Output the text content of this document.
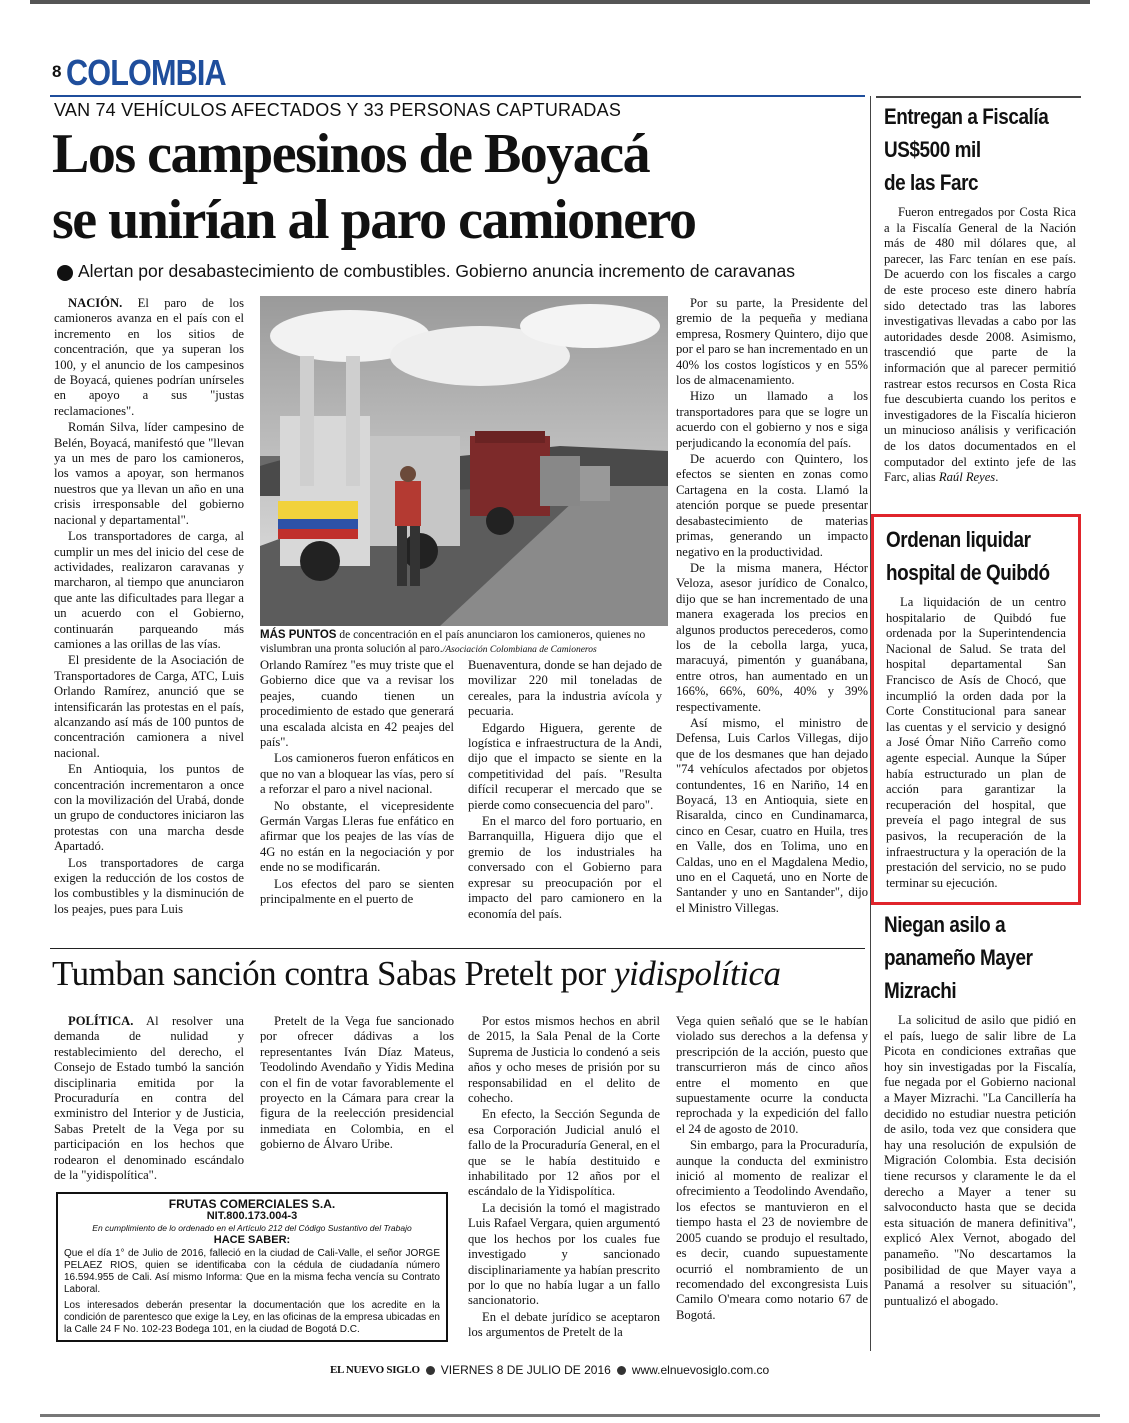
8 COLOMBIA
VAN 74 VEHÍCULOS AFECTADOS Y 33 PERSONAS CAPTURADAS
Los campesinos de Boyacá
se unirían al paro camionero
Alertan por desabastecimiento de combustibles. Gobierno anuncia incremento de caravanas

NACIÓN. El paro de los camioneros avanza en el país con el incremento en los sitios de concentración, que ya superan los 100, y el anuncio de los campesinos de Boyacá, quienes podrían unírseles en apoyo a sus "justas reclamaciones".

Román Silva, líder campesino de Belén, Boyacá, manifestó que "llevan ya un mes de paro los camioneros, los vamos a apoyar, son hermanos nuestros que ya llevan un año en una crisis irresponsable del gobierno nacional y departamental".

Los transportadores de carga, al cumplir un mes del inicio del cese de actividades, realizaron caravanas y marcharon, al tiempo que anunciaron que ante las dificultades para llegar a un acuerdo con el Gobierno, continuarán parqueando más camiones a las orillas de las vías.

El presidente de la Asociación de Transportadores de Carga, ATC, Luis Orlando Ramírez, anunció que se intensificarán las protestas en el país, alcanzando así más de 100 puntos de concentración camionera a nivel nacional.

En Antioquia, los puntos de concentración incrementaron a once con la movilización del Urabá, donde un grupo de conductores iniciaron las protestas con una marcha desde Apartadó.

Los transportadores de carga exigen la reducción de los costos de los combustibles y la disminución de los peajes, pues para Luis

MÁS PUNTOS de concentración en el país anunciaron los camioneros, quienes no vislumbran una pronta solución al paro./Asociación Colombiana de Camioneros

Orlando Ramírez "es muy triste que el Gobierno dice que va a revisar los peajes, cuando tienen un procedimiento de estado que generará una escalada alcista en 42 peajes del país".

Los camioneros fueron enfáticos en que no van a bloquear las vías, pero sí a reforzar el paro a nivel nacional.

No obstante, el vicepresidente Germán Vargas Lleras fue enfático en afirmar que los peajes de las vías de 4G no están en la negociación y por ende no se modificarán.

Los efectos del paro se sienten principalmente en el puerto de

Buenaventura, donde se han dejado de movilizar 220 mil toneladas de cereales, para la industria avícola y pecuaria.

Edgardo Higuera, gerente de logística e infraestructura de la Andi, dijo que el impacto se siente en la competitividad del país. "Resulta difícil recuperar el mercado que se pierde como consecuencia del paro".

En el marco del foro portuario, en Barranquilla, Higuera dijo que el gremio de los industriales ha conversado con el Gobierno para expresar su preocupación por el impacto del paro camionero en la economía del país.

Por su parte, la Presidente del gremio de la pequeña y mediana empresa, Rosmery Quintero, dijo que por el paro se han incrementado en un 40% los costos logísticos y en 55% los de almacenamiento.

Hizo un llamado a los transportadores para que se logre un acuerdo con el gobierno y nos e siga perjudicando la economía del país.

De acuerdo con Quintero, los efectos se sienten en zonas como Cartagena en la costa. Llamó la atención porque se puede presentar desabastecimiento de materias primas, generando un impacto negativo en la productividad.

De la misma manera, Héctor Veloza, asesor jurídico de Conalco, dijo que se han incrementado de una manera exagerada los precios en algunos productos perecederos, como los de la cebolla larga, yuca, maracuyá, pimentón y guanábana, entre otros, han aumentado en un 166%, 66%, 60%, 40% y 39% respectivamente.

Así mismo, el ministro de Defensa, Luis Carlos Villegas, dijo que de los desmanes que han dejado "74 vehículos afectados por objetos contundentes, 16 en Nariño, 14 en Boyacá, 13 en Antioquia, siete en Risaralda, cinco en Cundinamarca, cinco en Cesar, cuatro en Huila, tres en Valle, dos en Tolima, uno en Caldas, uno en el Magdalena Medio, uno en el Caquetá, uno en Norte de Santander y uno en Santander", dijo el Ministro Villegas.

Tumban sanción contra Sabas Pretelt por yidispolítica

POLÍTICA. Al resolver una demanda de nulidad y restablecimiento del derecho, el Consejo de Estado tumbó la sanción disciplinaria emitida por la Procuraduría en contra del exministro del Interior y de Justicia, Sabas Pretelt de la Vega por su participación en los hechos que rodearon el denominado escándalo de la "yidispolítica".

Pretelt de la Vega fue sancionado por ofrecer dádivas a los representantes Iván Díaz Mateus, Teodolindo Avendaño y Yidis Medina con el fin de votar favorablemente el proyecto en la Cámara para crear la figura de la reelección presidencial inmediata en Colombia, en el gobierno de Álvaro Uribe.

Por estos mismos hechos en abril de 2015, la Sala Penal de la Corte Suprema de Justicia lo condenó a seis años y ocho meses de prisión por su responsabilidad en el delito de cohecho.

En efecto, la Sección Segunda de esa Corporación Judicial anuló el fallo de la Procuraduría General, en el que se le había destituido e inhabilitado por 12 años por el escándalo de la Yidispolítica.

La decisión la tomó el magistrado Luis Rafael Vergara, quien argumentó que los hechos por los cuales fue investigado y sancionado disciplinariamente ya habían prescrito por lo que no había lugar a un fallo sancionatorio.

En el debate jurídico se aceptaron los argumentos de Pretelt de la

Vega quien señaló que se le habían violado sus derechos a la defensa y prescripción de la acción, puesto que transcurrieron más de cinco años entre el momento en que supuestamente ocurre la conducta reprochada y la expedición del fallo el 24 de agosto de 2010.

Sin embargo, para la Procuraduría, aunque la conducta del exministro inició al momento de realizar el ofrecimiento a Teodolindo Avendaño, los efectos se mantuvieron en el tiempo hasta el 23 de noviembre de 2005 cuando se produjo el resultado, es decir, cuando supuestamente ocurrió el nombramiento de un recomendado del excongresista Luis Camilo O'meara como notario 67 de Bogotá.

FRUTAS COMERCIALES S.A.
NIT.800.173.004-3
En cumplimiento de lo ordenado en el Artículo 212 del Código Sustantivo del Trabajo
HACE SABER:
Que el día 1° de Julio de 2016, falleció en la ciudad de Cali-Valle, el señor JORGE PELAEZ RIOS, quien se identificaba con la cédula de ciudadanía número 16.594.955 de Cali. Así mismo Informa: Que en la misma fecha vencía su Contrato Laboral.
Los interesados deberán presentar la documentación que los acredite en la condición de parentesco que exige la Ley, en las oficinas de la empresa ubicadas en la Calle 24 F No. 102-23 Bodega 101, en la ciudad de Bogotá D.C.
Entregan a Fiscalía
US$500 mil
de las Farc

Fueron entregados por Costa Rica a la Fiscalía General de la Nación más de 480 mil dólares que, al parecer, las Farc tenían en ese país. De acuerdo con los fiscales a cargo de este proceso este dinero habría sido detectado tras las labores investigativas llevadas a cabo por las autoridades desde 2008. Asimismo, trascendió que parte de la información que al parecer permitió rastrear estos recursos en Costa Rica fue descubierta cuando los peritos e investigadores de la Fiscalía hicieron un minucioso análisis y verificación de los datos documentados en el computador del extinto jefe de las Farc, alias Raúl Reyes.

Ordenan liquidar
hospital de Quibdó

La liquidación de un centro hospitalario de Quibdó fue ordenada por la Superintendencia Nacional de Salud. Se trata del hospital departamental San Francisco de Asís de Chocó, que incumplió la orden dada por la Corte Constitucional para sanear las cuentas y el servicio y designó a José Ómar Niño Carreño como agente especial. Aunque la Súper había estructurado un plan de acción para garantizar la recuperación del hospital, que preveía el pago integral de sus pasivos, la recuperación de la infraestructura y la operación de la prestación del servicio, no se pudo terminar su ejecución.

Niegan asilo a
panameño Mayer
Mizrachi

La solicitud de asilo que pidió en el país, luego de salir libre de La Picota en condiciones extrañas que hoy sin investigadas por la Fiscalía, fue negada por el Gobierno nacional a Mayer Mizrachi. "La Cancillería ha decidido no estudiar nuestra petición de asilo, toda vez que considera que hay una resolución de expulsión de Migración Colombia. Esta decisión tiene recursos y claramente le da el derecho a Mayer a tener su salvoconducto hasta que se decida esta situación de manera definitiva", explicó Alex Vernot, abogado del panameño. "No descartamos la posibilidad de que Mayer vaya a Panamá a resolver su situación", puntualizó el abogado.

EL NUEVO SIGLO VIERNES 8 DE JULIO DE 2016 www.elnuevosiglo.com.co
